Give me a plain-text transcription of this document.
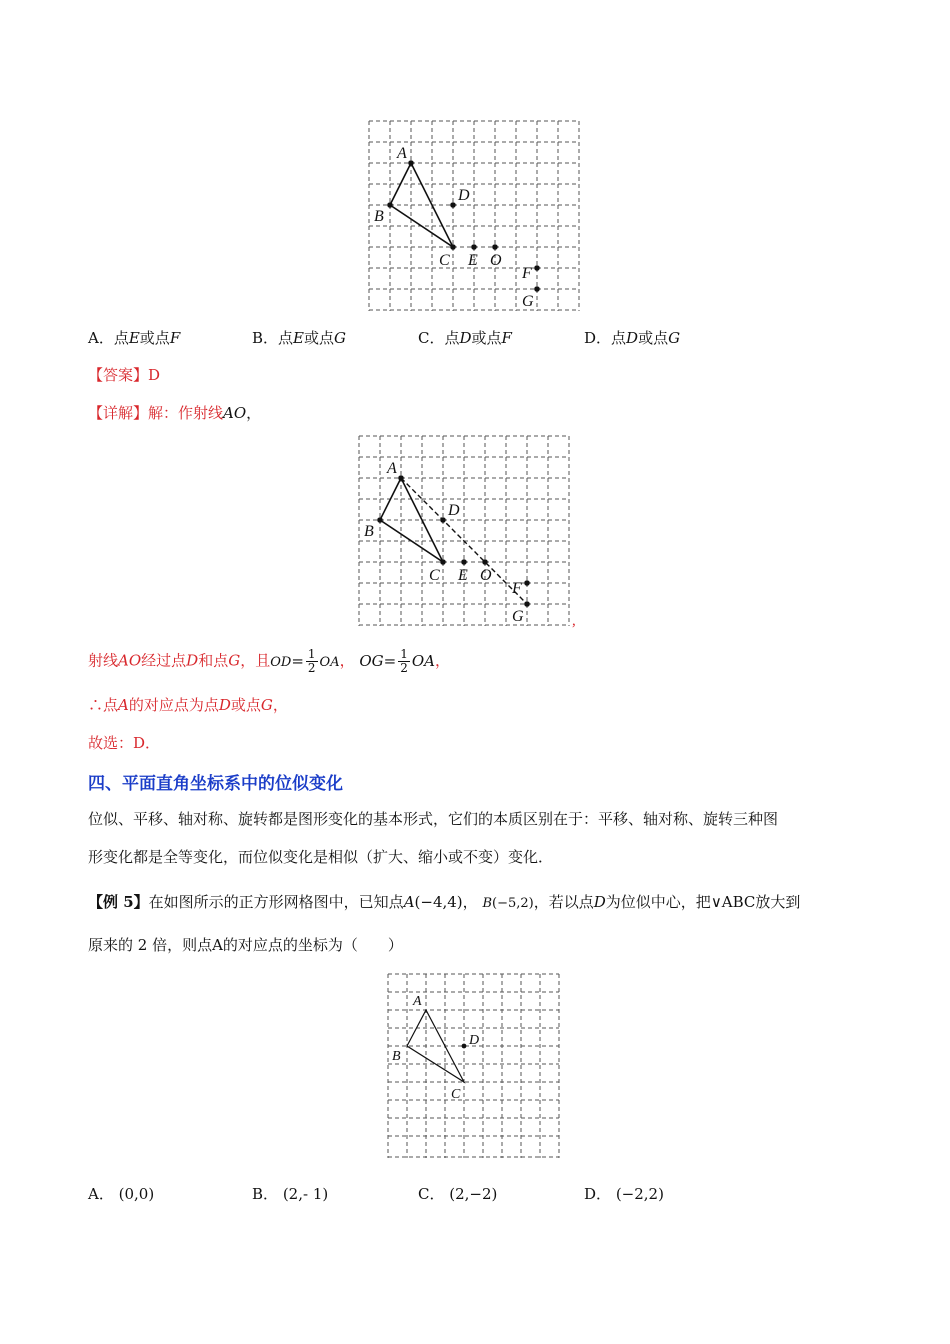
A
B
C
D
E O
F
G
A．点E或点F	B．点E或点G	C．点D或点F	D．点D或点G
【答案】D
【详解】解：作射线AO，
A
B
C
D
E O
F
G	,
射线AO经过点D和点G，且$OD= \frac{1}{2}$ OA， $OG= \frac{1}{2}$ OA，
∴点A的对应点为点D或点G，
故选：D．
四、平面直角坐标系中的位似变化
位似、平移、轴对称、旋转都是图形变化的基本形式，它们的本质区别在于：平移、轴对称、旋转三种图
形变化都是全等变化，而位似变化是相似（扩大、缩小或不变）变化．
【例 5】在如图所示的正方形网格图中，已知点A(−4,4)， B(−5,2)，若以点D为位似中心，把∨ABC放大到
原来的 2 倍，则点A的对应点的坐标为（　　）
A
B
C
D
A． (0,0)	B． (2,- 1)	C． (2,−2)	D． (−2,2)
